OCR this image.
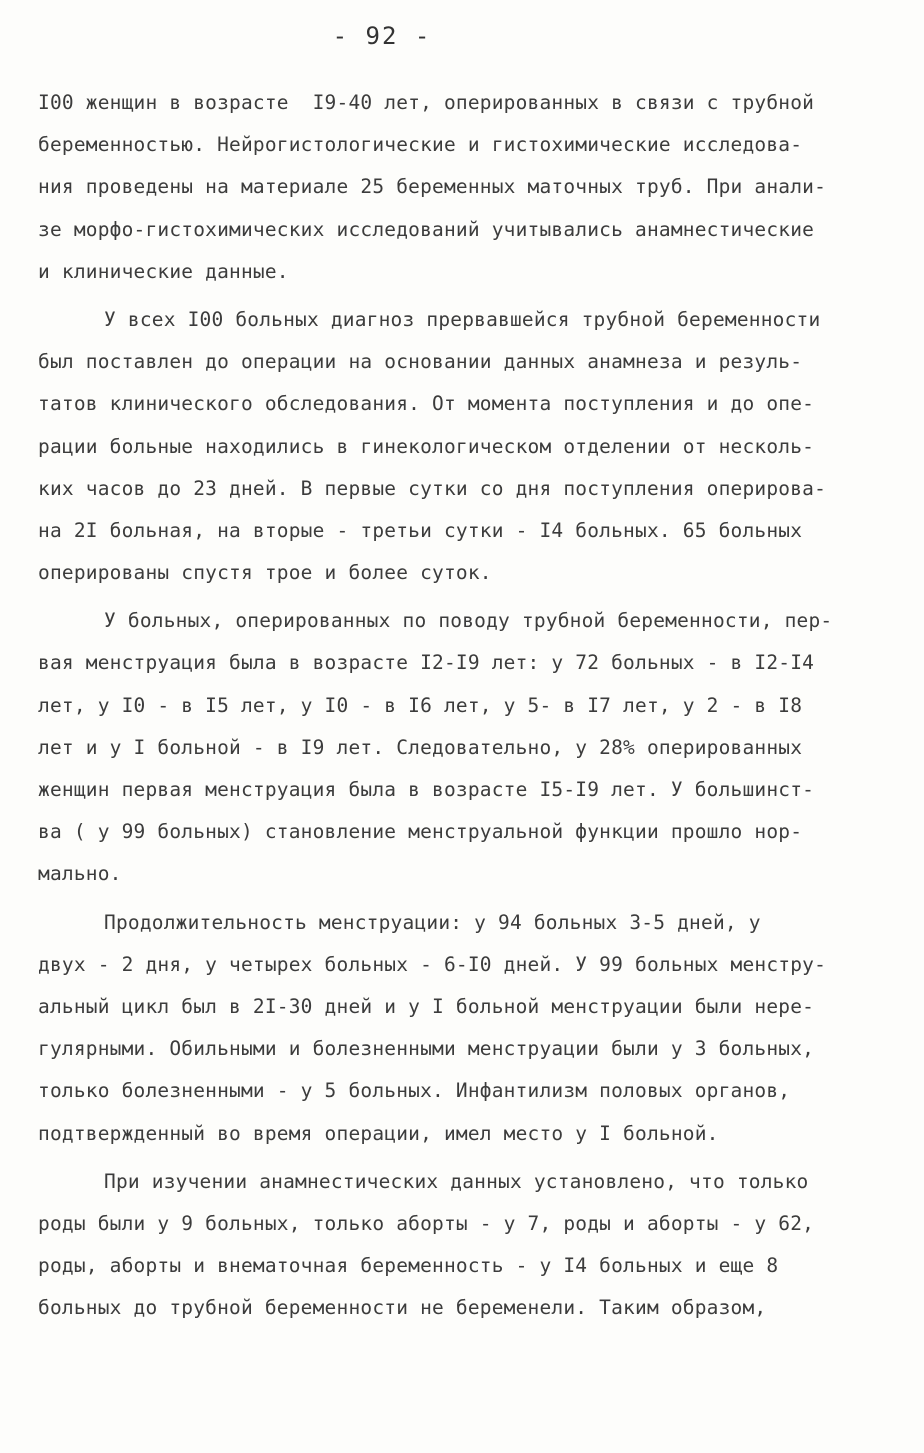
- 92 -
I00 женщин в возрасте  I9-40 лет, оперированных в связи с трубной
беременностью. Нейрогистологические и гистохимические исследова-
ния проведены на материале 25 беременных маточных труб. При анали-
зе морфо-гистохимических исследований учитывались анамнестические
и клинические данные.
У всех I00 больных диагноз прервавшейся трубной беременности
был поставлен до операции на основании данных анамнеза и резуль-
татов клинического обследования. От момента поступления и до опе-
рации больные находились в гинекологическом отделении от несколь-
ких часов до 23 дней. В первые сутки со дня поступления оперирова-
на 2I больная, на вторые - третьи сутки - I4 больных. 65 больных
оперированы спустя трое и более суток.
У больных, оперированных по поводу трубной беременности, пер-
вая менструация была в возрасте I2-I9 лет: у 72 больных - в I2-I4
лет, у I0 - в I5 лет, у I0 - в I6 лет, у 5- в I7 лет, у 2 - в I8
лет и у I больной - в I9 лет. Следовательно, у 28% оперированных
женщин первая менструация была в возрасте I5-I9 лет. У большинст-
ва ( у 99 больных) становление менструальной функции прошло нор-
мально.
Продолжительность менструации: у 94 больных 3-5 дней, у
двух - 2 дня, у четырех больных - 6-I0 дней. У 99 больных менстру-
альный цикл был в 2I-30 дней и у I больной менструации были нере-
гулярными. Обильными и болезненными менструации были у 3 больных,
только болезненными - у 5 больных. Инфантилизм половых органов,
подтвержденный во время операции, имел место у I больной.
При изучении анамнестических данных установлено, что только
роды были у 9 больных, только аборты - у 7, роды и аборты - у 62,
роды, аборты и внематочная беременность - у I4 больных и еще 8
больных до трубной беременности не беременели. Таким образом,
